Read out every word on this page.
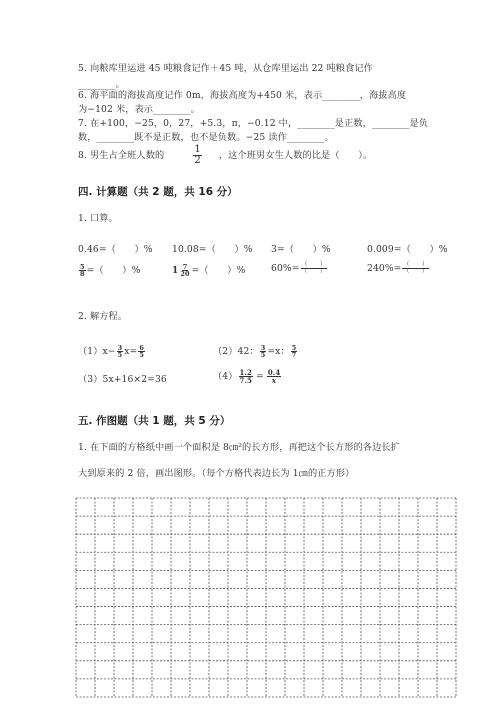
5. 向粮库里运进 45 吨粮食记作＋45 吨，从仓库里运出 22 吨粮食记作
________。
6. 海平面的海拔高度记作 0m，海拔高度为+450 米，表示________，海拔高度
为−102 米，表示________。
7. 在+100，−25，0，27，+5.3，π，−0.12 中，________是正数，________是负
数，________既不是正数，也不是负数。−25 读作________。
8. 男生占全班人数的	$\frac{1}{2}$ ，这个班男女生人数的比是（　　）。
四. 计算题（共 2 题，共 16 分）
1. 口算。
0.46=（　　）% 10.08=（　　）% 3=（　　）%	0.009=（　　）%
$\frac{5}{8}$ =（　　）%	$1 \frac{7}{20}$ =（　　）%	$60\%= \frac{( )}{( )}$	$240\%= \frac{( )}{( )}$
2. 解方程。
$(1)x- \frac{3}{5} x= \frac{6}{5}$	（2）42： $\frac{3}{5} =x$： $\frac{5}{7}$
（3）5x+16×2=36	$(4) \frac{1.2}{7.5} = \frac{0.4}{x}$
五. 作图题（共 1 题，共 5 分）
1. 在下面的方格纸中画一个面积是 8㎝²的长方形，再把这个长方形的各边长扩
大到原来的 2 倍，画出图形。（每个方格代表边长为 1㎝的正方形）
